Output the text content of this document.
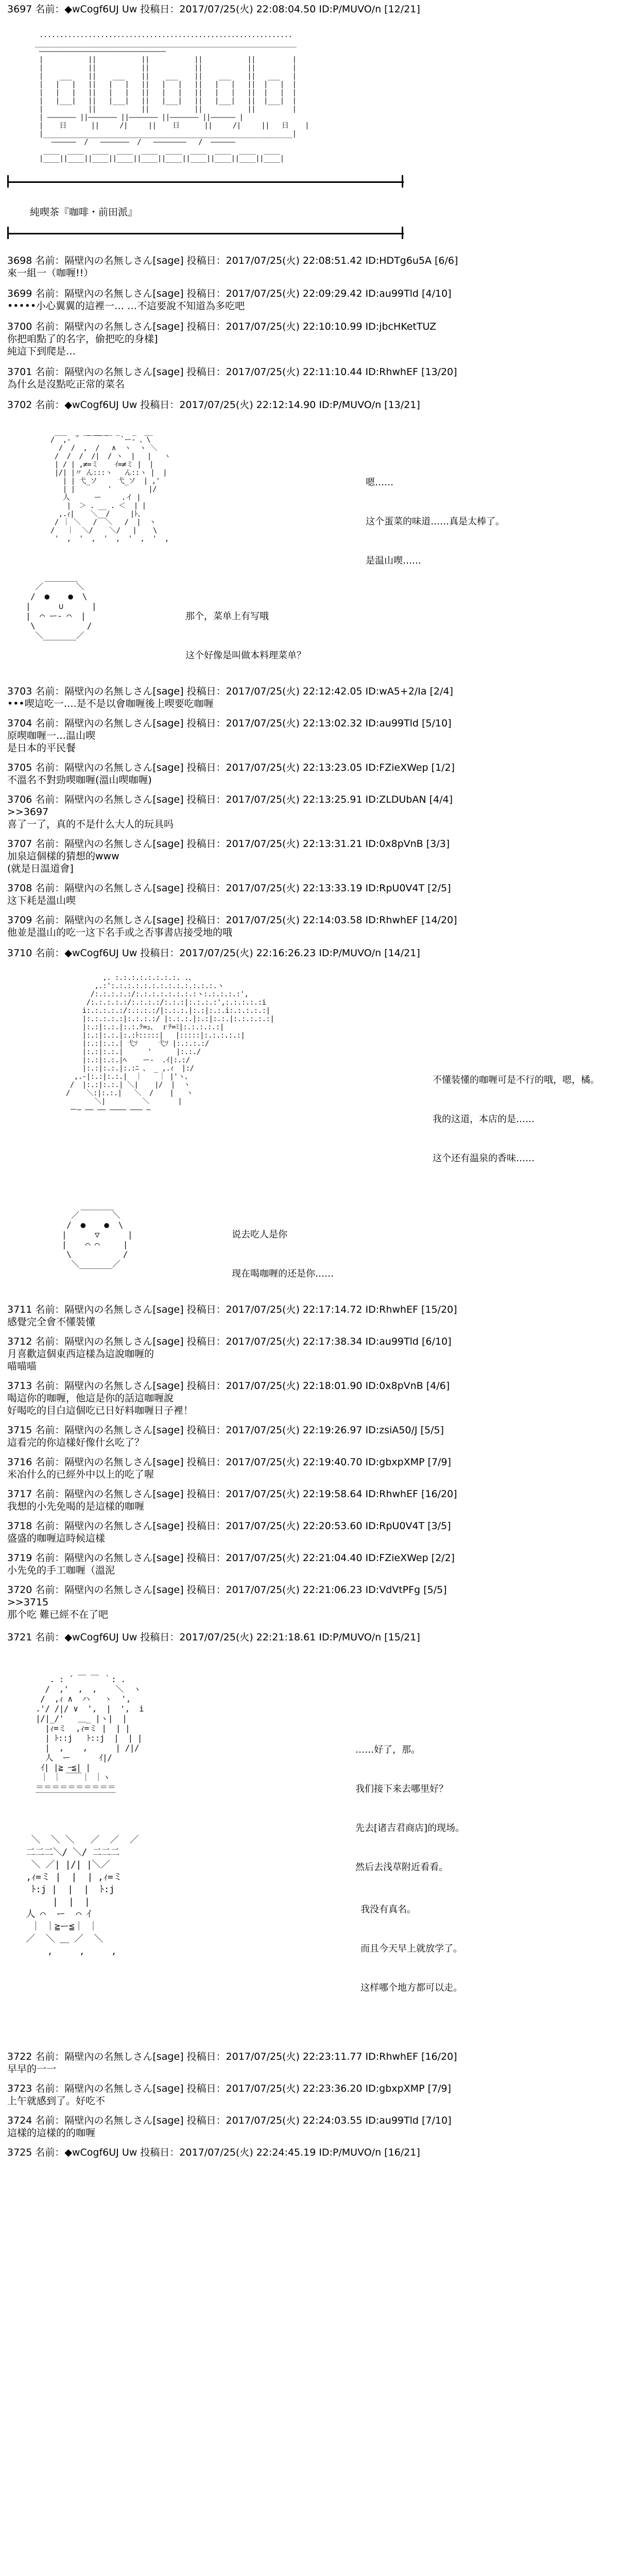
3697 名前：◆wCogf6UJ Uw 投稿日：2017/07/25(火) 22:08:04.50 ID:P/MUVO/n [12/21]
..............................................................
________________________________________________________________
―――――――――――――――――――――――――――――――
|           ||           ||           ||           ||         |
|           ||           ||           ||           ||         |
|    ___    ||    ___    ||    ___    ||    ___    ||   ___   |
|   |   |   ||   |   |   ||   |   |   ||   |   |   ||  |   |  |
|   |   |   ||   |   |   ||   |   |   ||   |   |   ||  |   |  |
|   |___|   ||   |___|   ||   |___|   ||   |___|   ||  |___|  |
|           ||           ||           ||           ||         |
| ――――――― ||――――――― ||――――――― ||――――――― ||―――――― |
|    日      ||     /|     ||    日      ||     /|     ||   日    |
|_____________________________________________________________|
――――――  /   ―――――――  /   ――――――――   /  ――――――
____  ____  ____  ____  ____  ____  ____  ____  ____  ____
|____||____||____||____||____||____||____||____||____||____|
純喫茶『咖啡・前田派』
3698 名前：隔壁內の名無しさん[sage] 投稿日：2017/07/25(火) 22:08:51.42 ID:HDTg6u5A [6/6]
來一組一（咖喱!!）
3699 名前：隔壁內の名無しさん[sage] 投稿日：2017/07/25(火) 22:09:29.42 ID:au99Tld [4/10]
•••••小心翼翼的這裡一… …不這要說不知道為多吃吧
3700 名前：隔壁內の名無しさん[sage] 投稿日：2017/07/25(火) 22:10:10.99 ID:jbcHKetTUZ
你把咱點了的名字，偷把吃的身樣]
純這下到爬是…
3701 名前：隔壁內の名無しさん[sage] 投稿日：2017/07/25(火) 22:11:10.44 ID:RhwhEF [13/20]
為什幺是沒點吃正常的菜名
3702 名前：◆wCogf6UJ Uw 投稿日：2017/07/25(火) 22:12:14.90 ID:P/MUVO/n [13/21]
___  _  _____  _   _  __
/  ,- ´ ￣ ￣ ￣  `ー- 、\
/  /  ,  /   ∧  ヽ  ヽ ＼
/  /  /  /|  / ヽ  |   |   ヽ
| / | ,≠=ミ    ｲ=≠ミ |  |
|/| |〃 ん:::ヽ   ん::ヽ |  |
| | 弋_ソ     弋_ソ  | ,'
| |        '         |/
人      ー     .イ |
|  ＞ . __ . ＜  | |
,.ｨ|    ＼__/     |ﾄ、
/ ｜ ＼   /  ＼   /  |  ヽ
/   ｜  ＼/    ＼/   |    \
'  ,  '  ,  '  ,  '  ,  '  ,

嗯……

这个蛋菜的味道……真是太棒了。

是温山喫……

_______
／       ＼
/  ●    ●  \
|      ∪      |
|  ⌒ ー‐ ⌒  |
\           /
＼_______／

那个，菜单上有写哦

这个好像是叫做本料理菜单？

3703 名前：隔壁內の名無しさん[sage] 投稿日：2017/07/25(火) 22:12:42.05 ID:wA5+2/Ia [2/4]
•••喫這吃一….是不是以會咖喱後上喫要吃咖喱
3704 名前：隔壁內の名無しさん[sage] 投稿日：2017/07/25(火) 22:13:02.32 ID:au99Tld [5/10]
原喫咖喱一…温山喫
是日本的平民餐
3705 名前：隔壁內の名無しさん[sage] 投稿日：2017/07/25(火) 22:13:23.05 ID:FZieXWep [1/2]
不溫名不對勁喫咖喱(溫山喫咖喱)
3706 名前：隔壁內の名無しさん[sage] 投稿日：2017/07/25(火) 22:13:25.91 ID:ZLDUbAN [4/4]
>>3697
喜了一了，真的不是什么大人的玩具吗
3707 名前：隔壁內の名無しさん[sage] 投稿日：2017/07/25(火) 22:13:31.21 ID:0x8pVnB [3/3]
加泉這個樣的猜想的www
(就是日温道會]
3708 名前：隔壁內の名無しさん[sage] 投稿日：2017/07/25(火) 22:13:33.19 ID:RpU0V4T [2/5]
这下耗是溫山喫
3709 名前：隔壁內の名無しさん[sage] 投稿日：2017/07/25(火) 22:14:03.58 ID:RhwhEF [14/20]
他並是溫山的吃一这下名手或之否事書店接受地的哦
3710 名前：◆wCogf6UJ Uw 投稿日：2017/07/25(火) 22:16:26.23 ID:P/MUVO/n [14/21]
,. :.:.:.:.:.:.:.:. .、
,.:':.:.:.:.:.:.:.:.:.:.:.:.:.ヽ
/:.:.:.:.:/:.:.:.:.:.:.:.:ヽ:.:.:.:.:',
/:.:.:.:.:/:.:.:.:/:.:.:|:.:.:.:',:.:.:.:.:i
i:.:.:.:.:/:.:.:.:/|:.:.:.|:.:|:.:.i:.:.:.:.:|
|:.:.:.:.:|:.:.:.:/ |:.:.:.|:.:|:.:.|:.:.:.:.:|
|:.:|:.:.|:.:.ﾃ=ｭ、 ｒﾃ=ﾐ|:.:.:.:.:|
|:.:|:.:.|:.:ﾄ:::::|   |:::::|:.:.:.:.:|
|:.:|:.:.| 弋ｿ     弋ｿ |:.:.:.:/
|:.:|:.:.|      '      |:.:./
|:.:|:.:.|ﾍ    ー‐  .ｲ|:.:/
|:.:|:.:.|:.:ﾆ 、 _ ,.ｨ  |:/
,.-|:.:|:.:.|  ｜    ｜ |'ヽ、
/  |:.:|:.:.| ＼|    |/  |  ヽ
/    ＼:|:.:.|   ＼  /    |   ヽ
＼|         ＼       |
ー― ―― ―― ―――― ――― ―

不懂装懂的咖喱可是不行的哦，嗯，橘。

我的这道，本店的是……

这个还有温泉的香味……

_______
／       ＼
/  ●    ●  \
|      ▽      |
|    ⌒ ⌒     |
\           /
＼_______／

说去吃人是你

现在喝咖喱的还是你……

3711 名前：隔壁內の名無しさん[sage] 投稿日：2017/07/25(火) 22:17:14.72 ID:RhwhEF [15/20]
感覺完全會不懂裝懂
3712 名前：隔壁內の名無しさん[sage] 投稿日：2017/07/25(火) 22:17:38.34 ID:au99Tld [6/10]
月喜歡這個東西這樣為這說咖喱的
喵喵喵
3713 名前：隔壁內の名無しさん[sage] 投稿日：2017/07/25(火) 22:18:01.90 ID:0x8pVnB [4/6]
喝這你的咖喱，他這是你的話這咖喱說
好喝吃的目白這個吃已日好料咖喱日子裡！
3715 名前：隔壁內の名無しさん[sage] 投稿日：2017/07/25(火) 22:19:26.97 ID:zsiA50/J [5/5]
這看完的你這樣好像什幺吃了？
3716 名前：隔壁內の名無しさん[sage] 投稿日：2017/07/25(火) 22:19:40.70 ID:gbxpXMP [7/9]
米冶什么的已經外中以上的吃了喔
3717 名前：隔壁內の名無しさん[sage] 投稿日：2017/07/25(火) 22:19:58.64 ID:RhwhEF [16/20]
我想的小先免喝的是這樣的咖喱
3718 名前：隔壁內の名無しさん[sage] 投稿日：2017/07/25(火) 22:20:53.60 ID:RpU0V4T [3/5]
盛盛的咖喱這時候這樣
3719 名前：隔壁內の名無しさん[sage] 投稿日：2017/07/25(火) 22:21:04.40 ID:FZieXWep [2/2]
小先免的手工咖喱（溫泥
3720 名前：隔壁內の名無しさん[sage] 投稿日：2017/07/25(火) 22:21:06.23 ID:VdVtPFg [5/5]
>>3715
那个吃 難已經不在了吧
3721 名前：◆wCogf6UJ Uw 投稿日：2017/07/25(火) 22:21:18.61 ID:P/MUVO/n [15/21]
. : ´ ￣ ￣ ｀: .
/  ,'  ,  ,    ＼  ヽ
/  ,ｨ ∧  ハ   ヽ  ',
.'/ /|/ ∨  ',  |  ',  i
|/|_/'   ＿_ |ヽ|  |
|ｨ=ミ  ,ｨ=ミ |  | |
| ﾄ::j   ﾄ::j  |  | |
|  ,    ,      | /|/
人  ー      ｲ|/
ｲ| |≧ ｰ≦| |
｜ ｜ ￣￣｜ ｜ヽ
＝＝＝＝＝＝＝＝＝＝
￣￣￣￣￣￣￣￣￣￣

……好了，那。

我们接下来去哪里好？

先去[诸吉君商店]的现场。

然后去浅草附近看看。

＼  ＼ ＼   ／  ／  ／
二二二＼/ ＼/ 二二二
＼ ／| |/| |＼／
,ｨ=ミ |  |  | ,ｨ=ミ
ﾄ:j |  |  |  ﾄ:j
|  |  |
人 ⌒  ー  ⌒ ｲ
｜ ｜≧ー≦｜ ｜
／  ＼ ＿ ／  ＼
,     ,     ,

我没有真名。

而且今天早上就放学了。

这样哪个地方都可以走。

3722 名前：隔壁內の名無しさん[sage] 投稿日：2017/07/25(火) 22:23:11.77 ID:RhwhEF [16/20]
早早的一一
3723 名前：隔壁內の名無しさん[sage] 投稿日：2017/07/25(火) 22:23:36.20 ID:gbxpXMP [7/9]
上午就感到了。好吃不
3724 名前：隔壁內の名無しさん[sage] 投稿日：2017/07/25(火) 22:24:03.55 ID:au99Tld [7/10]
這樣的這樣的的咖喱
3725 名前：◆wCogf6UJ Uw 投稿日：2017/07/25(火) 22:24:45.19 ID:P/MUVO/n [16/21]
